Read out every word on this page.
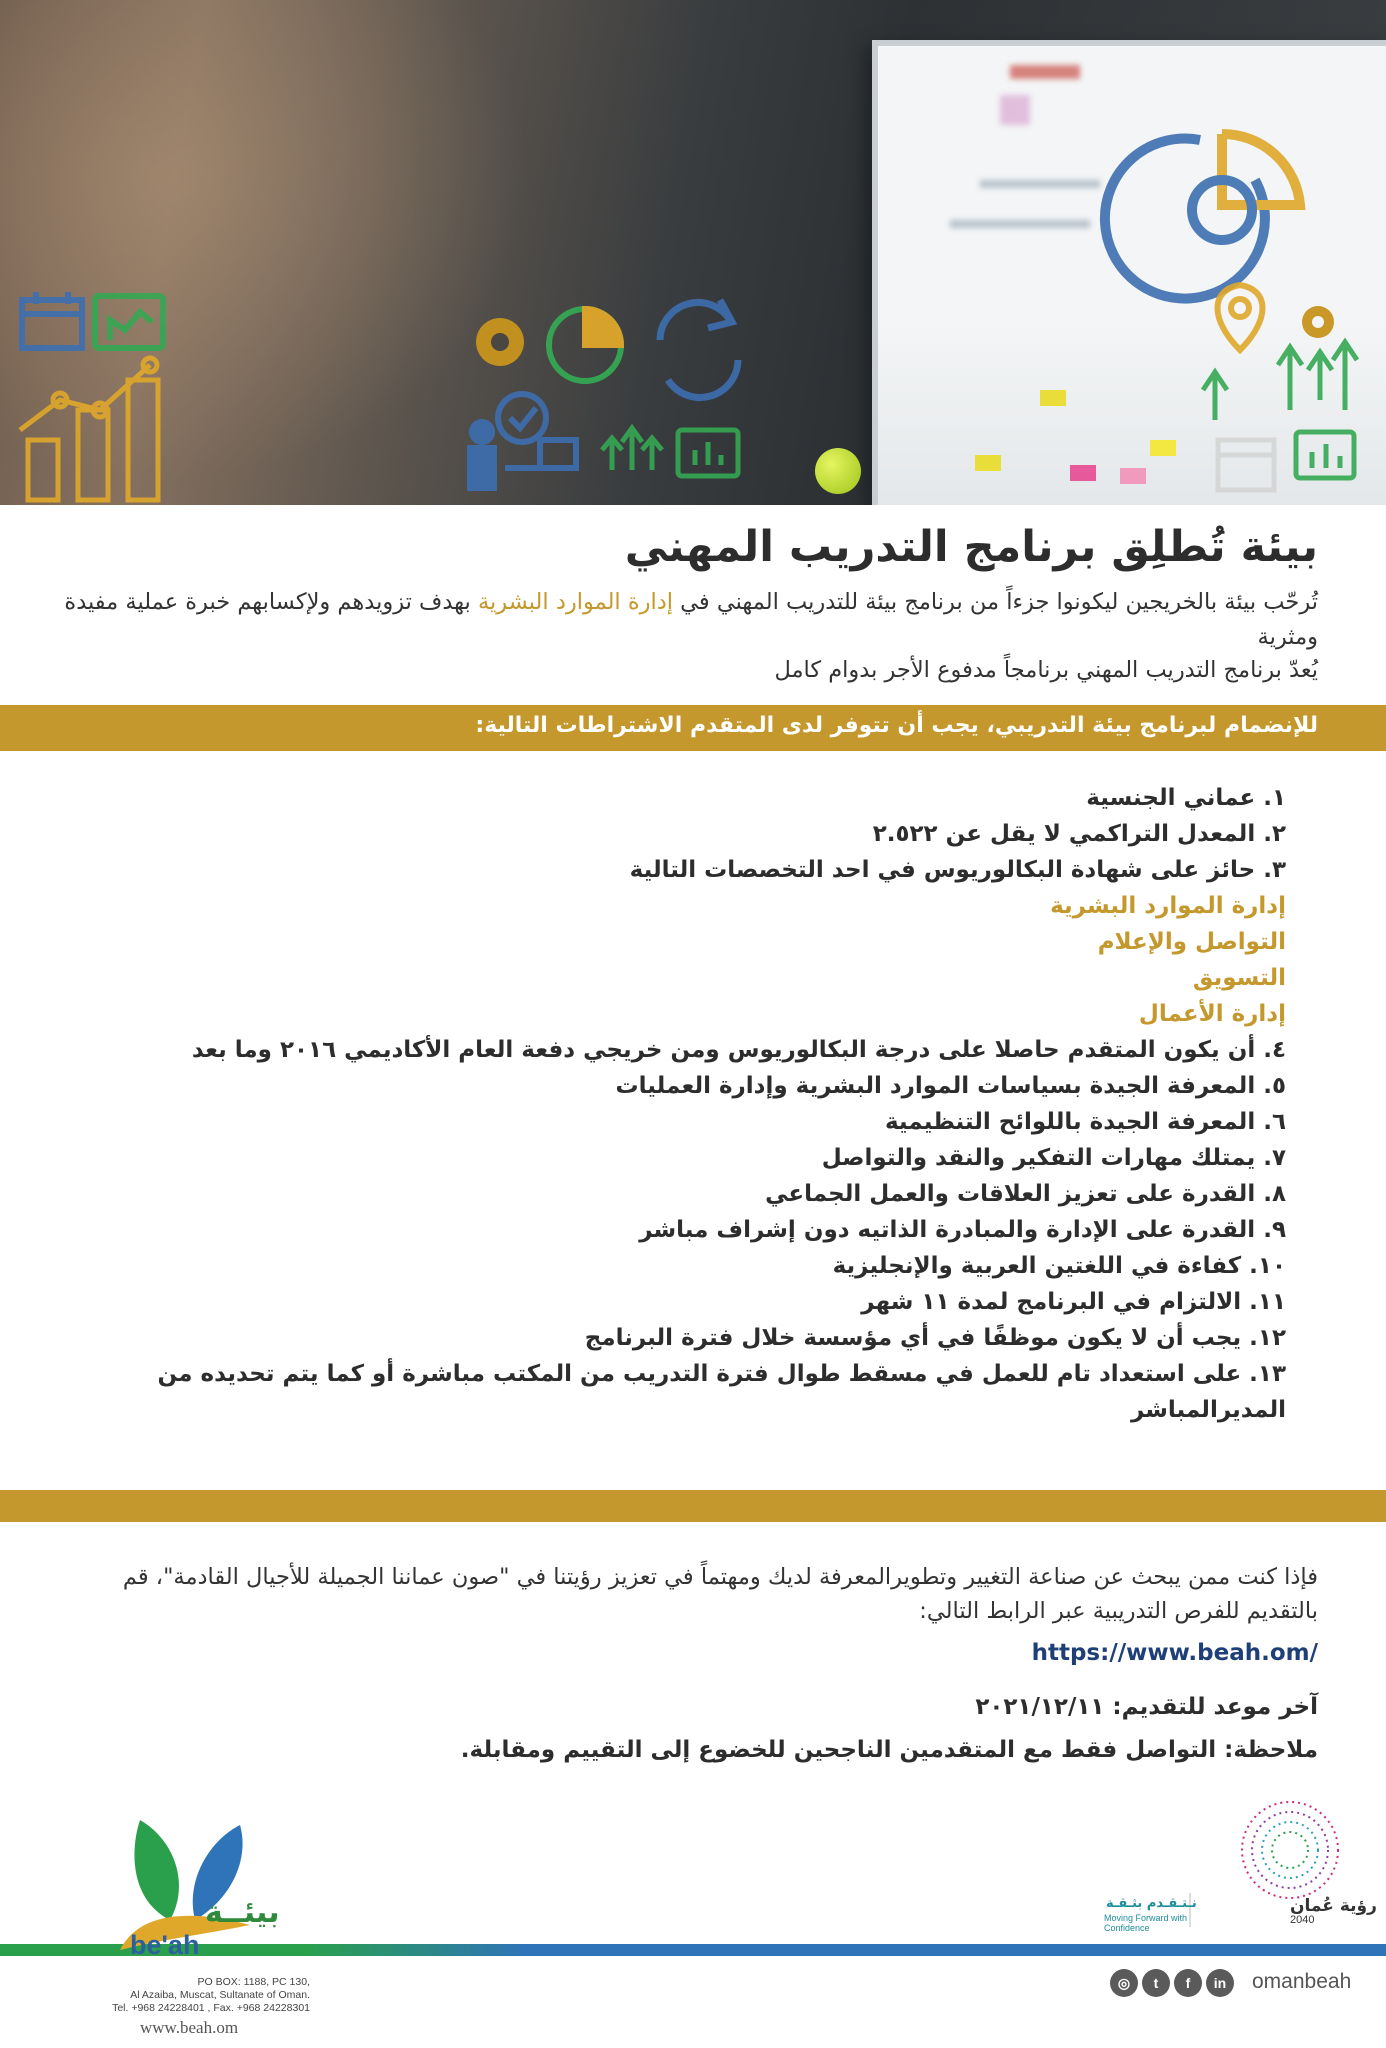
بيئة تُطلِق برنامج التدريب المهني

تُرحّب بيئة بالخريجين ليكونوا جزءاً من برنامج بيئة للتدريب المهني في إدارة الموارد البشرية بهدف تزويدهم ولإكسابهم خبرة عملية مفيدة ومثرية

يُعدّ برنامج التدريب المهني برنامجاً مدفوع الأجر بدوام كامل

للإنضمام لبرنامج بيئة التدريبي، يجب أن تتوفر لدى المتقدم الاشتراطات التالية:
١. عماني الجنسية
٢. المعدل التراكمي لا يقل عن ٢.٥٢٢
٣. حائز على شهادة البكالوريوس في احد التخصصات التالية
إدارة الموارد البشرية
التواصل والإعلام
التسويق
إدارة الأعمال
٤. أن يكون المتقدم حاصلا على درجة البكالوريوس ومن خريجي دفعة العام الأكاديمي ٢٠١٦ وما بعد
٥. المعرفة الجيدة بسياسات الموارد البشرية وإدارة العمليات
٦. المعرفة الجيدة باللوائح التنظيمية
٧. يمتلك مهارات التفكير والنقد والتواصل
٨. القدرة على تعزيز العلاقات والعمل الجماعي
٩. القدرة على الإدارة والمبادرة الذاتيه دون إشراف مباشر
١٠. كفاءة في اللغتين العربية والإنجليزية
١١. الالتزام في البرنامج لمدة ١١ شهر
١٢. يجب أن لا يكون موظفًا في أي مؤسسة خلال فترة البرنامج
١٣. على استعداد تام للعمل في مسقط طوال فترة التدريب من المكتب مباشرة أو كما يتم تحديده من المديرالمباشر

فإذا كنت ممن يبحث عن صناعة التغيير وتطويرالمعرفة لديك ومهتماً في تعزيز رؤيتنا في "صون عماننا الجميلة للأجيال القادمة"، قم بالتقديم للفرص التدريبية عبر الرابط التالي:

https://www.beah.om/

آخر موعد للتقديم: ٢٠٢١/١٢/١١

ملاحظة: التواصل فقط مع المتقدمين الناجحين للخضوع إلى التقييم ومقابلة.

بيئــة
be'ah
PO BOX: 1188, PC 130,
Al Azaiba, Muscat, Sultanate of Oman.
Tel. +968 24228401 , Fax. +968 24228301
www.beah.om
رؤية عُمان
2040
نـتـقـدم بثـقـة
Moving Forward with Confidence
◎	t	f	in	omanbeah
